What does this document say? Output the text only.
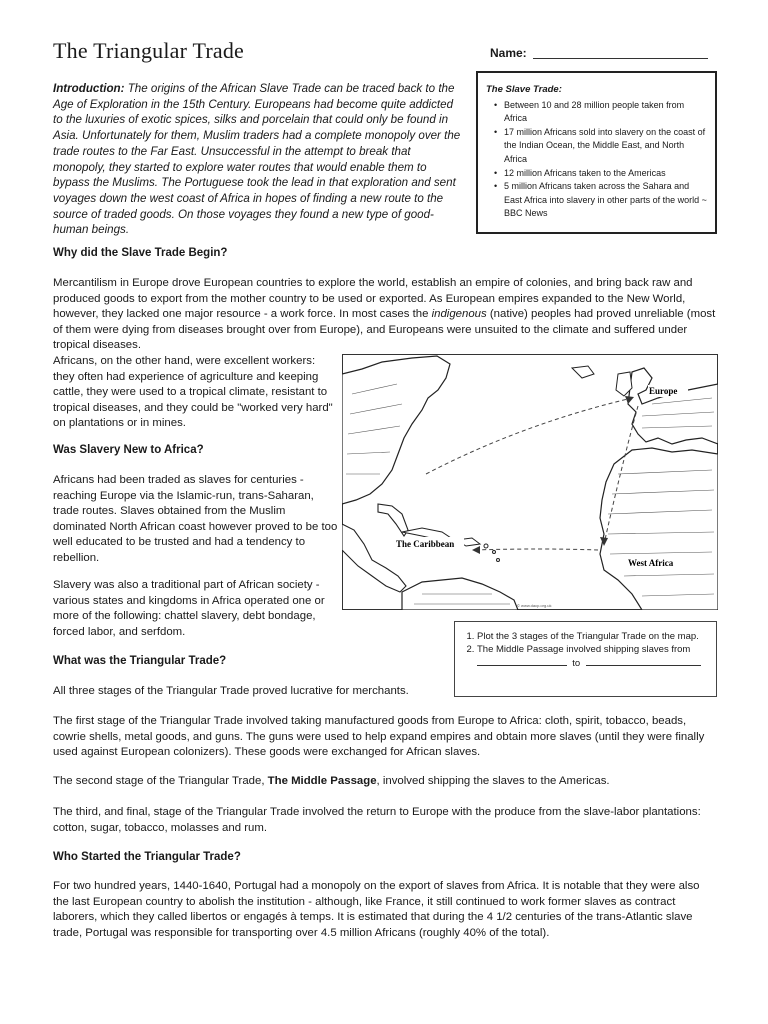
The Triangular Trade	Name:
Introduction: The origins of the African Slave Trade can be traced back to the Age of Exploration in the 15th Century. Europeans had become quite addicted to the luxuries of exotic spices, silks and porcelain that could only be found in Asia. Unfortunately for them, Muslim traders had a complete monopoly over the trade routes to the Far East. Unsuccessful in the attempt to break that monopoly, they started to explore water routes that would enable them to bypass the Muslims. The Portuguese took the lead in that exploration and sent voyages down the west coast of Africa in hopes of finding a new route to the source of traded goods. On those voyages they found a new type of good- human beings.
The Slave Trade:
• Between 10 and 28 million people taken from Africa
• 17 million Africans sold into slavery on the coast of the Indian Ocean, the Middle East, and North Africa
• 12 million Africans taken to the Americas
• 5 million Africans taken across the Sahara and East Africa into slavery in other parts of the world ~ BBC News
Why did the Slave Trade Begin?
Mercantilism in Europe drove European countries to explore the world, establish an empire of colonies, and bring back raw and produced goods to export from the mother country to be used or exported. As European empires expanded to the New World, however, they lacked one major resource - a work force. In most cases the indigenous (native) peoples had proved unreliable (most of them were dying from diseases brought over from Europe), and Europeans were unsuited to the climate and suffered under tropical diseases.
Africans, on the other hand, were excellent workers: they often had experience of agriculture and keeping cattle, they were used to a tropical climate, resistant to tropical diseases, and they could be "worked very hard" on plantations or in mines.
Was Slavery New to Africa?
Africans had been traded as slaves for centuries - reaching Europe via the Islamic-run, trans-Saharan, trade routes. Slaves obtained from the Muslim dominated North African coast however proved to be too well educated to be trusted and had a tendency to rebellion.
Slavery was also a traditional part of African society - various states and kingdoms in Africa operated one or more of the following: chattel slavery, debt bondage, forced labor, and serfdom.
The Caribbean
Europe
West Africa
© www.dacp.org.uk
1. Plot the 3 stages of the Triangular Trade on the map.
2. The Middle Passage involved shipping slaves from
to
What was the Triangular Trade?
All three stages of the Triangular Trade proved lucrative for merchants.
The first stage of the Triangular Trade involved taking manufactured goods from Europe to Africa: cloth, spirit, tobacco, beads, cowrie shells, metal goods, and guns. The guns were used to help expand empires and obtain more slaves (until they were finally used against European colonizers). These goods were exchanged for African slaves.
The second stage of the Triangular Trade, The Middle Passage, involved shipping the slaves to the Americas.
The third, and final, stage of the Triangular Trade involved the return to Europe with the produce from the slave-labor plantations: cotton, sugar, tobacco, molasses and rum.
Who Started the Triangular Trade?
For two hundred years, 1440-1640, Portugal had a monopoly on the export of slaves from Africa. It is notable that they were also the last European country to abolish the institution - although, like France, it still continued to work former slaves as contract laborers, which they called libertos or engagés à temps. It is estimated that during the 4 1/2 centuries of the trans-Atlantic slave trade, Portugal was responsible for transporting over 4.5 million Africans (roughly 40% of the total).
